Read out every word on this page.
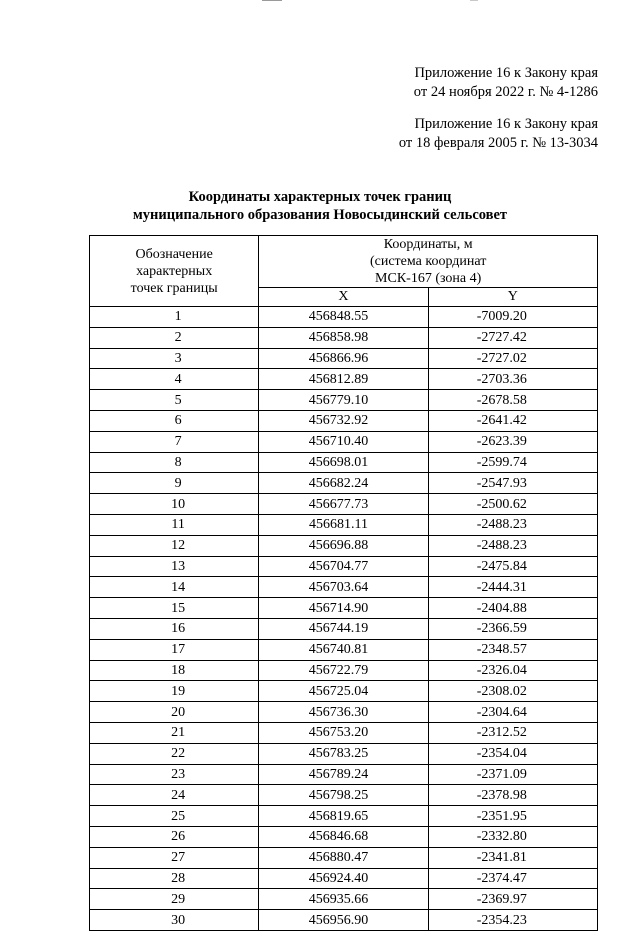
Приложение 16 к Закону края
от 24 ноября 2022 г. № 4-1286
Приложение 16 к Закону края
от 18 февраля 2005 г. № 13-3034
Координаты характерных точек границ
муниципального образования Новосыдинский сельсовет
Обозначение
характерных
точек границы	Координаты, м
(система координат
МСК-167 (зона 4)	

	X	Y
1	456848.55	-7009.20
2	456858.98	-2727.42
3	456866.96	-2727.02
4	456812.89	-2703.36
5	456779.10	-2678.58
6	456732.92	-2641.42
7	456710.40	-2623.39
8	456698.01	-2599.74
9	456682.24	-2547.93
10	456677.73	-2500.62
11	456681.11	-2488.23
12	456696.88	-2488.23
13	456704.77	-2475.84
14	456703.64	-2444.31
15	456714.90	-2404.88
16	456744.19	-2366.59
17	456740.81	-2348.57
18	456722.79	-2326.04
19	456725.04	-2308.02
20	456736.30	-2304.64
21	456753.20	-2312.52
22	456783.25	-2354.04
23	456789.24	-2371.09
24	456798.25	-2378.98
25	456819.65	-2351.95
26	456846.68	-2332.80
27	456880.47	-2341.81
28	456924.40	-2374.47
29	456935.66	-2369.97
30	456956.90	-2354.23
